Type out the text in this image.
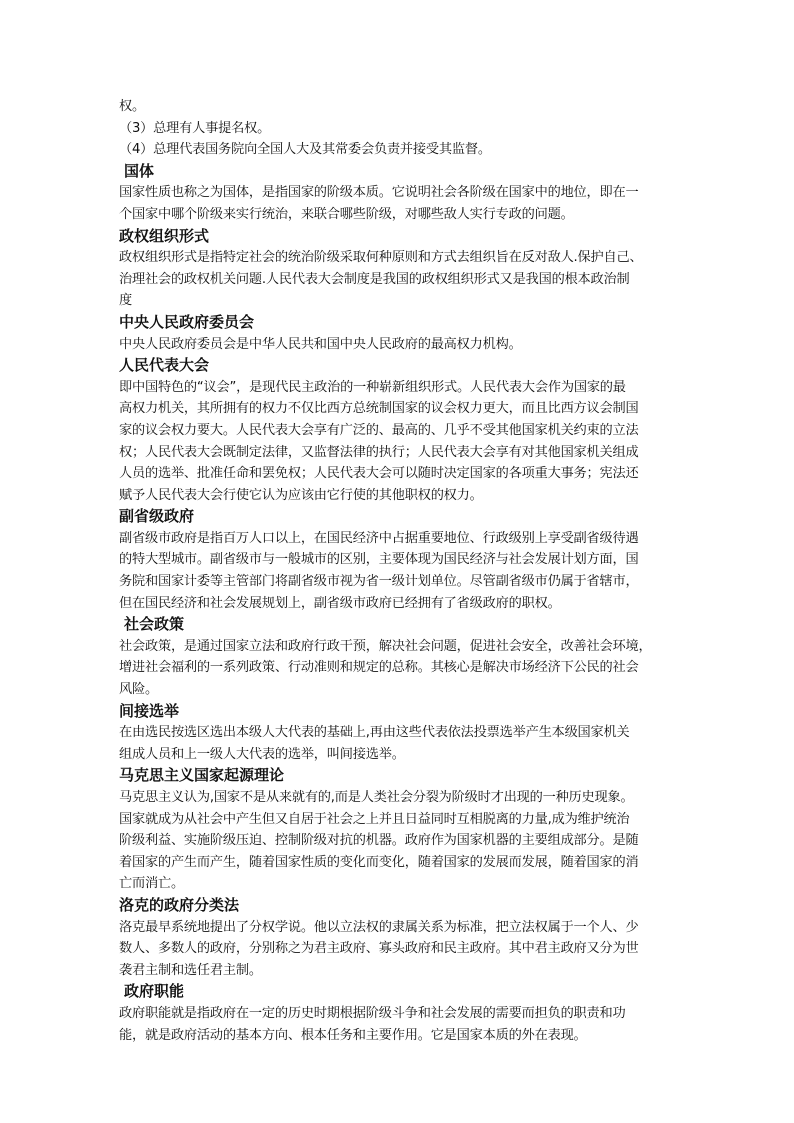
权。

（3）总理有人事提名权。

（4）总理代表国务院向全国人大及其常委会负责并接受其监督。

国体

国家性质也称之为国体，是指国家的阶级本质。它说明社会各阶级在国家中的地位，即在一

个国家中哪个阶级来实行统治，来联合哪些阶级，对哪些敌人实行专政的问题。

政权组织形式

政权组织形式是指特定社会的统治阶级采取何种原则和方式去组织旨在反对敌人.保护自己、

治理社会的政权机关问题.人民代表大会制度是我国的政权组织形式又是我国的根本政治制

度

中央人民政府委员会

中央人民政府委员会是中华人民共和国中央人民政府的最高权力机构。

人民代表大会

即中国特色的“议会”，是现代民主政治的一种崭新组织形式。人民代表大会作为国家的最

高权力机关，其所拥有的权力不仅比西方总统制国家的议会权力更大，而且比西方议会制国

家的议会权力要大。人民代表大会享有广泛的、最高的、几乎不受其他国家机关约束的立法

权；人民代表大会既制定法律，又监督法律的执行；人民代表大会享有对其他国家机关组成

人员的选举、批准任命和罢免权；人民代表大会可以随时决定国家的各项重大事务；宪法还

赋予人民代表大会行使它认为应该由它行使的其他职权的权力。

副省级政府

副省级市政府是指百万人口以上，在国民经济中占据重要地位、行政级别上享受副省级待遇

的特大型城市。副省级市与一般城市的区别，主要体现为国民经济与社会发展计划方面，国

务院和国家计委等主管部门将副省级市视为省一级计划单位。尽管副省级市仍属于省辖市，

但在国民经济和社会发展规划上，副省级市政府已经拥有了省级政府的职权。

社会政策

社会政策，是通过国家立法和政府行政干预，解决社会问题，促进社会安全，改善社会环境，

增进社会福利的一系列政策、行动准则和规定的总称。其核心是解决市场经济下公民的社会

风险。

间接选举

在由选民按选区选出本级人大代表的基础上,再由这些代表依法投票选举产生本级国家机关

组成人员和上一级人大代表的选举，叫间接选举。

马克思主义国家起源理论

马克思主义认为,国家不是从来就有的,而是人类社会分裂为阶级时才出现的一种历史现象。

国家就成为从社会中产生但又自居于社会之上并且日益同时互相脱离的力量,成为维护统治

阶级利益、实施阶级压迫、控制阶级对抗的机器。政府作为国家机器的主要组成部分。是随

着国家的产生而产生，随着国家性质的变化而变化，随着国家的发展而发展，随着国家的消

亡而消亡。

洛克的政府分类法

洛克最早系统地提出了分权学说。他以立法权的隶属关系为标准，把立法权属于一个人、少

数人、多数人的政府，分别称之为君主政府、寡头政府和民主政府。其中君主政府又分为世

袭君主制和选任君主制。

政府职能

政府职能就是指政府在一定的历史时期根据阶级斗争和社会发展的需要而担负的职责和功

能，就是政府活动的基本方向、根本任务和主要作用。它是国家本质的外在表现。
